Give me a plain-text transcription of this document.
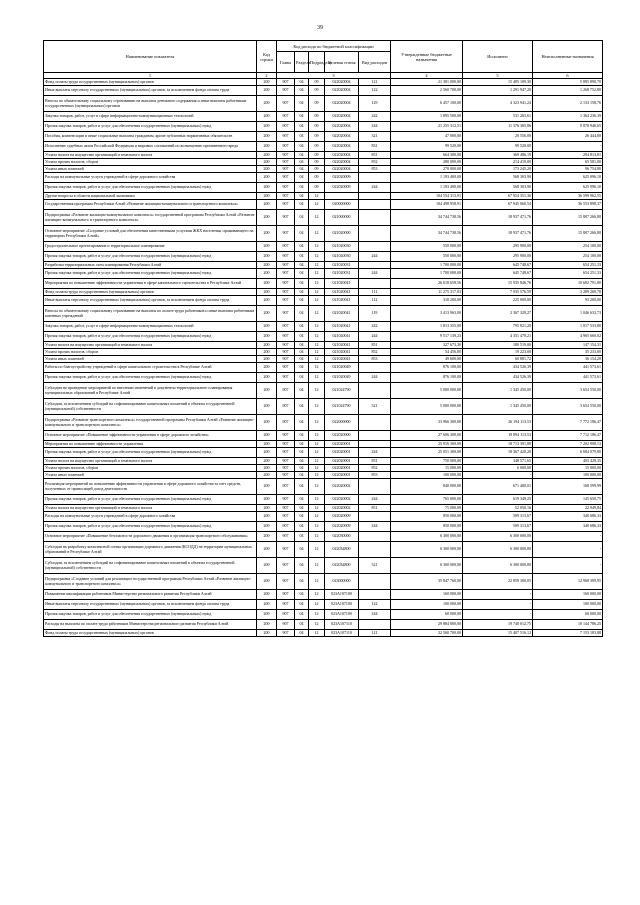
39
Наименование показателя	Код строки	Код расхода по бюджетной классификации					Утвержденные бюджетные назначения	Исполнено	Неисполненные назначения
		Главы	Раздела	Подраздела	Целевая статья	Вид расходов			
1	2	3					4	5	6
Фонд оплаты труда государственных (муниципальных) органов	200	907	04	09	022020004	121	21 381 000,00	15 485 109,30	5 895 890,70
Иные выплаты персоналу государственных (муниципальных) органов, за исключением фонда оплаты труда	200	907	04	09	022020004	122	2 560 700,00	1 291 947,20	1 268 752,80
Взносы по обязательному социальному страхованию на выплаты денежного содержания и иные выплаты работникам государственных (муниципальных) органов	200	907	04	09	022020004	129	6 457 100,00	4 323 941,24	2 133 158,76
Закупка товаров, работ, услуг в сфере информационно-коммуникационных технологий	200	907	04	09	022020004	242	1 895 500,00	531 263,61	1 364 236,39
Прочая закупка товаров, работ и услуг для обеспечения государственных (муниципальных) нужд	200	907	04	09	022020004	244	21 255 312,51	11 376 365,86	9 878 946,65
Пособия, компенсации и иные социальные выплаты гражданам, кроме публичных нормативных обязательств	200	907	04	09	022020004	321	47 000,00	20 556,00	26 444,00
Исполнение судебных актов Российской Федерации и мировых соглашений по возмещению причиненного вреда	200	907	04	09	022020004	831	99 520,00	99 520,00	-
Уплата налога на имущество организаций и земельного налога	200	907	04	09	022020004	851	664 300,00	369 486,19	294 813,81
Уплата прочих налогов, сборов	200	907	04	09	022020004	852	280 000,00	214 419,00	65 581,00
Уплата иных платежей	200	907	04	09	022020004	853	270 000,00	173 245,20	96 754,80
Расходы на коммунальные услуги учреждений в сфере дорожного хозяйства	200	907	04	09	022020009		1 193 400,00	568 303,90	625 096,10
Прочая закупка товаров, работ и услуг для обеспечения государственных (муниципальных) нужд	200	907	04	09	022020009	244	1 193 400,00	568 303,90	625 096,10
Другие вопросы в области национальной экономики	200	907	04	12			104 554 313,91	67 954 351,36	36 599 962,55
Государственная программа Республики Алтай «Развитие жилищно-коммунального и транспортного комплекса»	200	907	04	12	020000000		104 498 958,91	67 945 060,54	36 553 898,37
Подпрограмма «Развитие жилищно-коммунального комплекса» государственной программы Республики Алтай «Развитие жилищно-коммунального и транспортного комплекса»	200	907	04	12	021000000		34 744 738,56	18 937 471,76	15 807 266,80
Основное мероприятие «Создание условий для обеспечения качественными услугами ЖКХ населения, проживающего на территории Республики Алтай»	200	907	04	12	021020000		34 744 738,56	18 937 471,76	15 807 266,80
Градостроительное проектирование и территориальное планирование	200	907	04	12	021020030		550 000,00	295 900,00	254 100,00
Прочая закупка товаров, работ и услуг для обеспечения государственных (муниципальных) нужд	200	907	04	12	021020030	244	550 000,00	295 900,00	254 100,00
Разработка территориальных схем планирования Республики Алтай	200	907	04	12	021020031		1 700 000,00	645 748,67	654 251,33
Прочая закупка товаров, работ и услуг для обеспечения государственных (муниципальных) нужд	200	907	04	12	021020031	244	1 700 000,00	645 748,67	654 251,33
Мероприятия по повышению эффективности управления в сфере капитального строительства в Республике Алтай	200	907	04	12	021020041		26 618 658,56	15 935 846,76	10 682 791,80
Фонд оплаты труда государственных (муниципальных) органов	200	907	04	12	021020041	111	11 275 317,03	7 935 576,59	3 289 260,78
Иные выплаты персоналу государственных (муниципальных) органов, за исключением фонда оплаты труда	200	907	04	12	021020041	112	318 200,00	225 000,00	93 200,00
Взносы по обязательному социальному страхованию на выплаты по оплате труда работников и иные выплаты работникам казенных учреждений	200	907	04	12	021020041	119	3 413 963,00	2 367 329,27	1 046 633,73
Закупка товаров, работ, услуг в сфере информационно-коммуникационных технологий	200	907	04	12	021020041	242	1 813 355,00	795 821,20	1 017 533,80
Прочая закупка товаров, работ и услуг для обеспечения государственных (муниципальных) нужд	200	907	04	12	021020041	244	9 517 139,23	4 351 478,21	4 965 660,02
Уплата налога на имущество организаций и земельного налога	200	907	04	12	021020041	851	327 673,30	180 519,00	147 154,31
Уплата прочих налогов, сборов	200	907	04	12	021020041	852	54 456,00	19 223,00	35 233,00
Уплата иных платежей	200	907	04	12	021020041	853	49 600,00	60 881,72	36 154,28
Работы по благоустройству учреждений в сфере капитального строительства в Республике Алтай	200	907	04	12	021020049		876 100,00	434 526,39	441 573,61
Прочая закупка товаров, работ и услуг для обеспечения государственных (муниципальных) нужд	200	907	04	12	021020049	244	876 100,00	434 526,39	441 573,61
Субсидии на проведение мероприятий по внесению изменений в документы территориального планирования муниципальных образований в Республике Алтай	200	907	04	12	021024790		5 000 000,00	1 345 450,00	3 654 550,00
Субсидии, за исключением субсидий на софинансирование капитальных вложений в объекты государственной (муниципальной) собственности	200	907	04	12	021024790	521	5 000 000,00	1 345 450,00	3 654 550,00
Подпрограмма «Развитие транспортного комплекса» государственной программы Республики Алтай «Развитие жилищно-коммунального и транспортного комплекса»	200	907	04	12	022000000		33 966 300,00	26 194 113,53	7 772 186,47
Основное мероприятие «Повышение эффективности управления в сфере дорожного хозяйства»	200	907	04	12	022020000		27 606 300,00	19 894 113,53	7 712 186,47
Мероприятия по повышению эффективности управления	200	907	04	12	022020001		25 916 300,00	18 713 391,88	7 202 908,13
Прочая закупка товаров, работ и услуг для обеспечения государственных (муниципальных) нужд	200	907	04	12	022020001	244	25 051 300,00	18 367 420,20	6 684 079,80
Уплата налога на имущество организаций и земельного налога	200	907	04	12	022020001	851	750 000,00	348 571,65	403 428,35
Уплата прочих налогов, сборов	200	907	04	12	022020001	852	15 000,00	6 000,00	15 000,00
Уплата иных платежей	200	907	04	12	022020001	853	100 000,00	-	100 000,00
Реализация мероприятий по повышению эффективности управления в сфере дорожного хозяйства за счет средств, полученных от приносящей доход деятельности	200	907	04	12	022020002		840 000,00	671 400,01	168 599,99
Прочая закупка товаров, работ и услуг для обеспечения государственных (муниципальных) нужд	200	907	04	12	022020002	244	765 000,00	619 349,25	145 650,75
Уплата налога на имущество организаций и земельного налога	200	907	04	12	022020002	851	75 000,00	52 050,16	22 949,84
Расходы на коммунальные услуги учреждений в сфере дорожного хозяйства	200	907	04	12	022020009		850 000,00	509 313,67	340 686,33
Прочая закупка товаров, работ и услуг для обеспечения государственных (муниципальных) нужд	200	907	04	12	022020009	244	850 000,00	509 313,67	340 686,33
Основное мероприятие «Повышение безопасности дорожного движения и организация транспортного обслуживания»	200	907	04	12	022030000		6 300 000,00	6 300 000,00	-
Субсидии на разработку комплексной схемы организации дорожного движения (КСОДД) на территории муниципальных образований в Республике Алтай	200	907	04	12	022034800		6 300 000,00	6 300 000,00	-
Субсидии, за исключением субсидий на софинансирование капитальных вложений в объекты государственной (муниципальной) собственности	200	907	04	12	022034800	521	6 300 000,00	6 300 000,00	-
Подпрограмма «Создание условий для реализации государственной программы Республики Алтай «Развитие жилищно-коммунального и транспортного комплекса»	200	907	04	12	023000000		35 847 760,00	22 859 300,05	12 968 399,95
Повышение квалификации работников Министерства регионального развития Республики Алтай	200	907	04	12	023А107100		160 000,00	-	160 000,00
Иные выплаты персоналу государственных (муниципальных) органов, за исключением фонда оплаты труда	200	907	04	12	023А107100	122	100 000,00	-	100 000,00
Прочая закупка товаров, работ и услуг для обеспечения государственных (муниципальных) нужд	200	907	04	12	023А107100	244	60 000,00	-	60 000,00
Расходы на выплаты по оплате труда работников Министерства регионального развития Республики Алтай	200	907	04	12	023А107110		29 884 800,00	19 740 012,75	10 144 786,25
Фонд оплаты труда государственных (муниципальных) органов	200	907	04	12	023А107110	121	22 560 700,00	15 407 516,12	7 153 183,88
